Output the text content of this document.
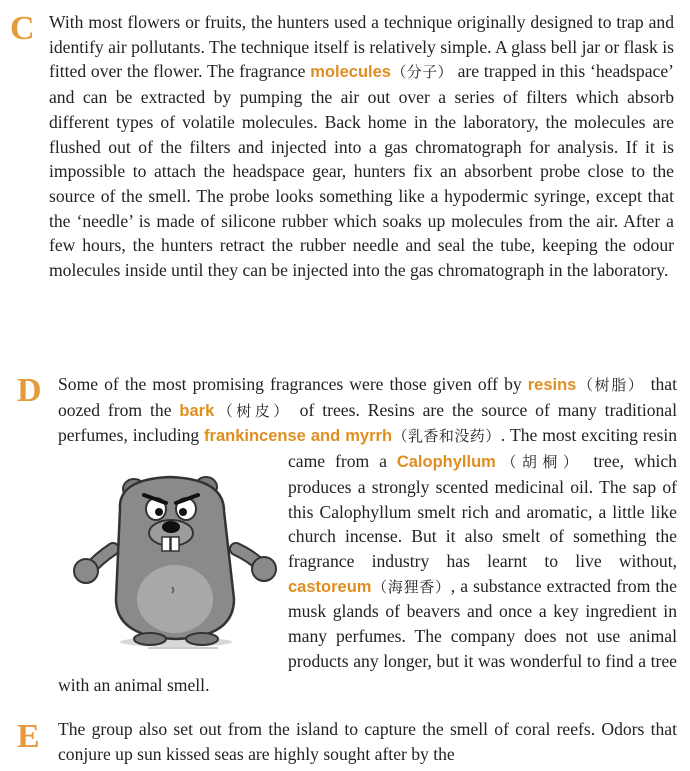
C With most flowers or fruits, the hunters used a technique originally designed to trap and identify air pollutants. The technique itself is relatively simple. A glass bell jar or flask is fitted over the flower. The fragrance molecules（分子） are trapped in this ‘headspace’ and can be extracted by pumping the air out over a series of filters which absorb different types of volatile molecules. Back home in the laboratory, the molecules are flushed out of the filters and injected into a gas chromatograph for analysis. If it is impossible to attach the headspace gear, hunters fix an absorbent probe close to the source of the smell. The probe looks something like a hypodermic syringe, except that the ‘needle’ is made of silicone rubber which soaks up molecules from the air. After a few hours, the hunters retract the rubber needle and seal the tube, keeping the odour molecules inside until they can be injected into the gas chromatograph in the laboratory.

D Some of the most promising fragrances were those given off by resins（树脂） that oozed from the bark（树皮） of trees. Resins are the source of many traditional perfumes, including frankincense and myrrh（乳香和没药）
. The most exciting resin came from a Calophyllum（胡桐） tree, which produces a strongly scented medicinal oil. The sap of this Calophyllum smelt rich and aromatic, a little like church incense. But it also smelt of something the fragrance industry has learnt to live without, castoreum（海狸香）, a substance extracted from the musk glands of beavers and once a key ingredient in many perfumes. The company does not use animal products any longer, but it was wonderful to find a tree with an animal smell.

E The group also set out from the island to capture the smell of coral reefs. Odors that conjure up sun kissed seas are highly sought after by the
